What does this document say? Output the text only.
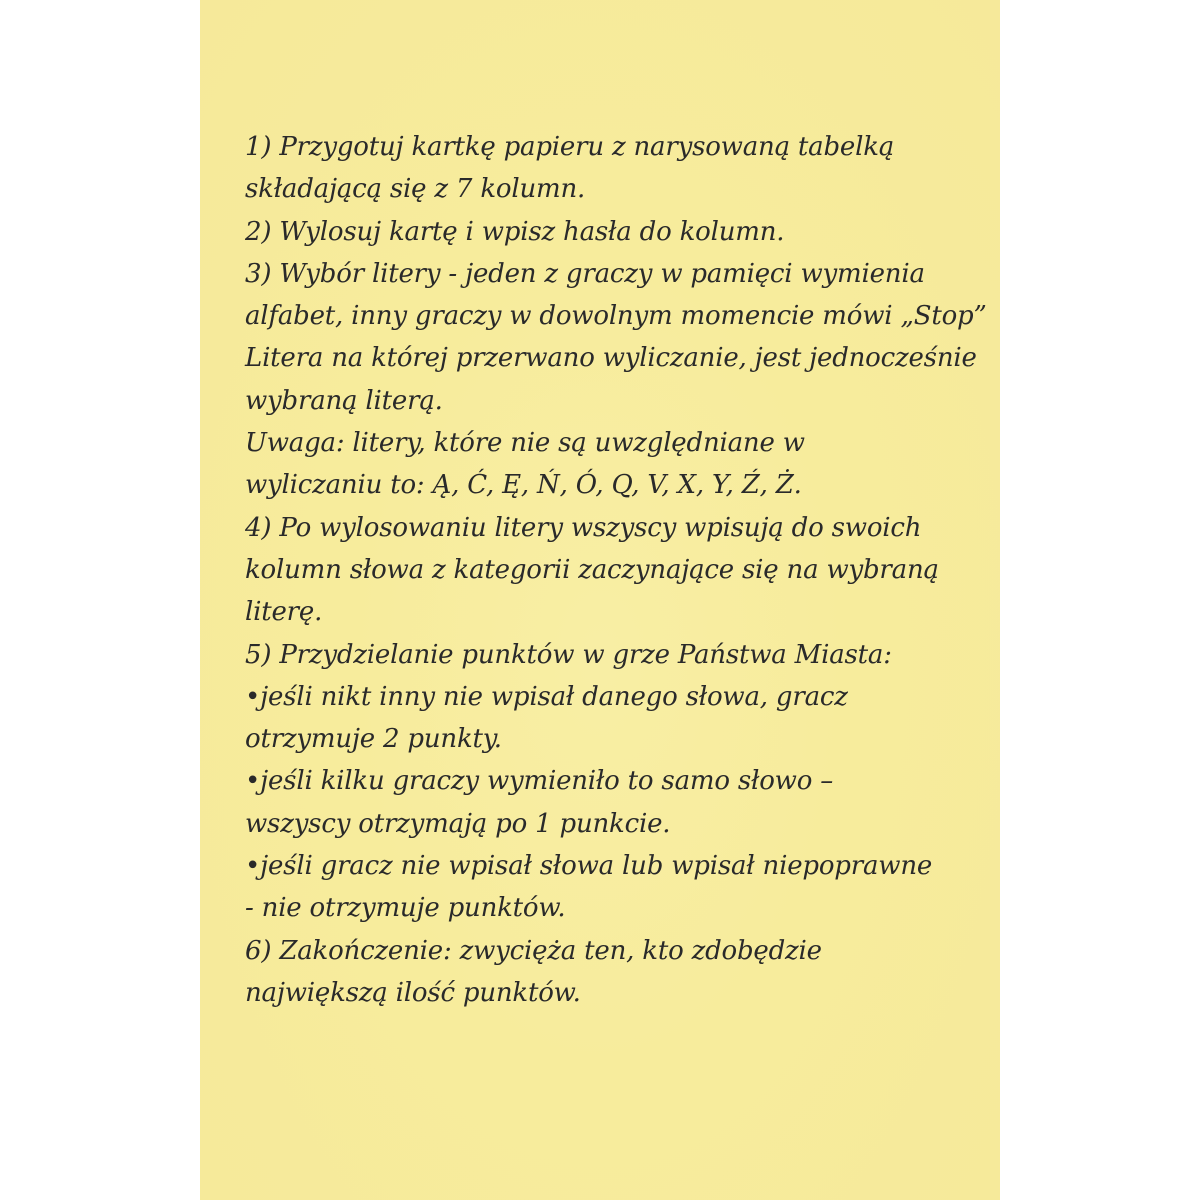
1) Przygotuj kartkę papieru z narysowaną tabelką
składającą się z 7 kolumn.
2) Wylosuj kartę i wpisz hasła do kolumn.
3) Wybór litery - jeden z graczy w pamięci wymienia
alfabet, inny graczy w dowolnym momencie mówi „Stop”
Litera na której przerwano wyliczanie, jest jednocześnie
wybraną literą.
Uwaga: litery, które nie są uwzględniane w
wyliczaniu to: Ą, Ć, Ę, Ń, Ó, Q, V, X, Y, Ź, Ż.
4) Po wylosowaniu litery wszyscy wpisują do swoich
kolumn słowa z kategorii zaczynające się na wybraną
literę.
5) Przydzielanie punktów w grze Państwa Miasta:
•jeśli nikt inny nie wpisał danego słowa, gracz
otrzymuje 2 punkty.
•jeśli kilku graczy wymieniło to samo słowo –
wszyscy otrzymają po 1 punkcie.
•jeśli gracz nie wpisał słowa lub wpisał niepoprawne
- nie otrzymuje punktów.
6) Zakończenie: zwycięża ten, kto zdobędzie
największą ilość punktów.
